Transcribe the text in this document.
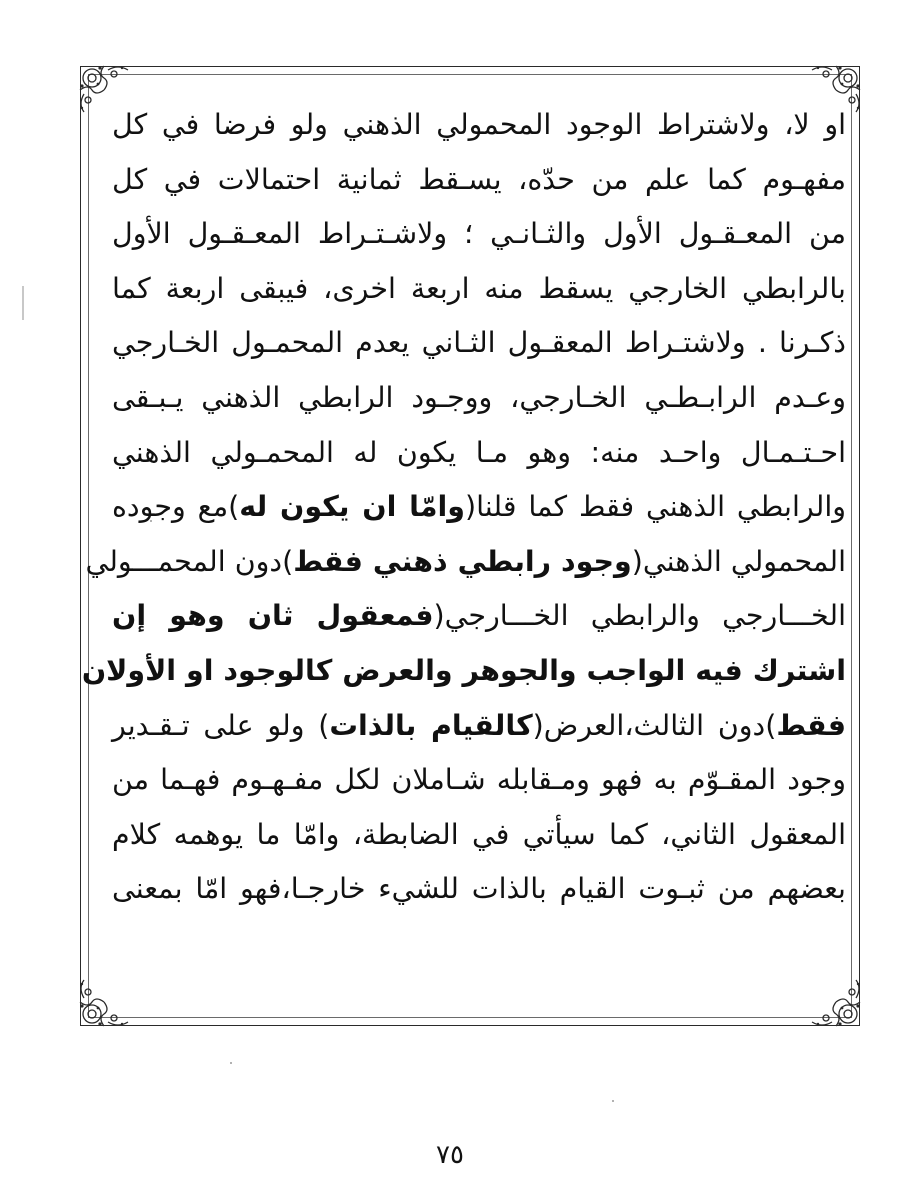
او لا، ولاشتراط الوجود المحمولي الذهني ولو فرضا في كل
مفهـوم كما علم من حدّه، يسـقط ثمانية احتمالات في كل
من المعـقـول الأول والثـانـي ؛ ولاشـتـراط المعـقـول الأول
بالرابطي الخارجي يسقط منه اربعة اخرى، فيبقى اربعة كما
ذكـرنا . ولاشتـراط المعقـول الثـاني يعدم المحمـول الخـارجي
وعـدم الرابـطـي الخـارجي، ووجـود الرابطي الذهني يـبـقى
احـتـمـال واحـد منه: وهو مـا يكون له المحمـولي الذهني
والرابطي الذهني فقط كما قلنا(وامّا ان يكون له)مع وجوده
المحمولي الذهني(وجود رابطي ذهني فقط)دون المحمـــولي
الخـــارجي والرابطي الخـــارجي(فمعقول ثان وهو إن
اشترك فيه الواجب والجوهر والعرض كالوجود او الأولان
فقط)دون الثالث،العرض(كالقيام بالذات) ولو على تـقـدير
وجود المقـوّم به فهو ومـقابله شـاملان لكل مفـهـوم فهـما من
المعقول الثاني، كما سيأتي في الضابطة، وامّا ما يوهمه كلام
بعضهم من ثبـوت القيام بالذات للشيء خارجـا،فهو امّا بمعنى
٧٥
